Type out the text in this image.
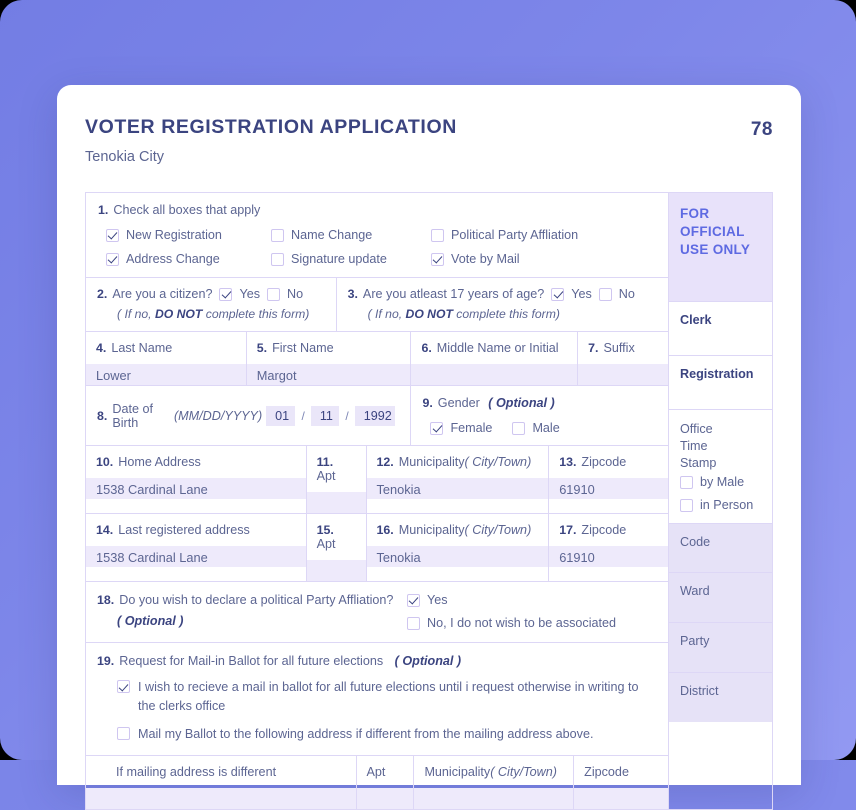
VOTER REGISTRATION APPLICATION
Tenokia City
78
1. Check all boxes that apply
New Registration	Name Change	Political Party Affliation
Address Change	Signature update	Vote by Mail
2. Are you a citizen? Yes No
( If no, DO NOT complete this form)
3. Are you atleast 17 years of age? Yes No
( If no, DO NOT complete this form)
4. Last Name
Lower
5. First Name
Margot
6. Middle Name or Initial	7. Suffix
8. Date of Birth	(MM/DD/YYYY)	01	/	11	/	1992
9. Gender ( Optional )
Female	Male
10. Home Address
1538 Cardinal Lane
11.Apt
12. Municipality( City/Town)
Tenokia
13. Zipcode
61910
14. Last registered address
1538 Cardinal Lane
15.Apt
16. Municipality( City/Town)
Tenokia
17. Zipcode
61910
18. Do you wish to declare a political Party Affliation?
( Optional )
Yes
No, I do not wish to be associated
19. Request for Mail-in Ballot for all future elections ( Optional )
I wish to recieve a mail in ballot for all future elections until i request otherwise in writing to the clerks office
Mail my Ballot to the following address if different from the mailing address above.
If mailing address is different	Apt	Municipality( City/Town)	Zipcode
FOR
OFFICIAL
USE ONLY
Clerk
Registration
Office
Time
Stamp
by Male

in Person
Code
Ward
Party
District
